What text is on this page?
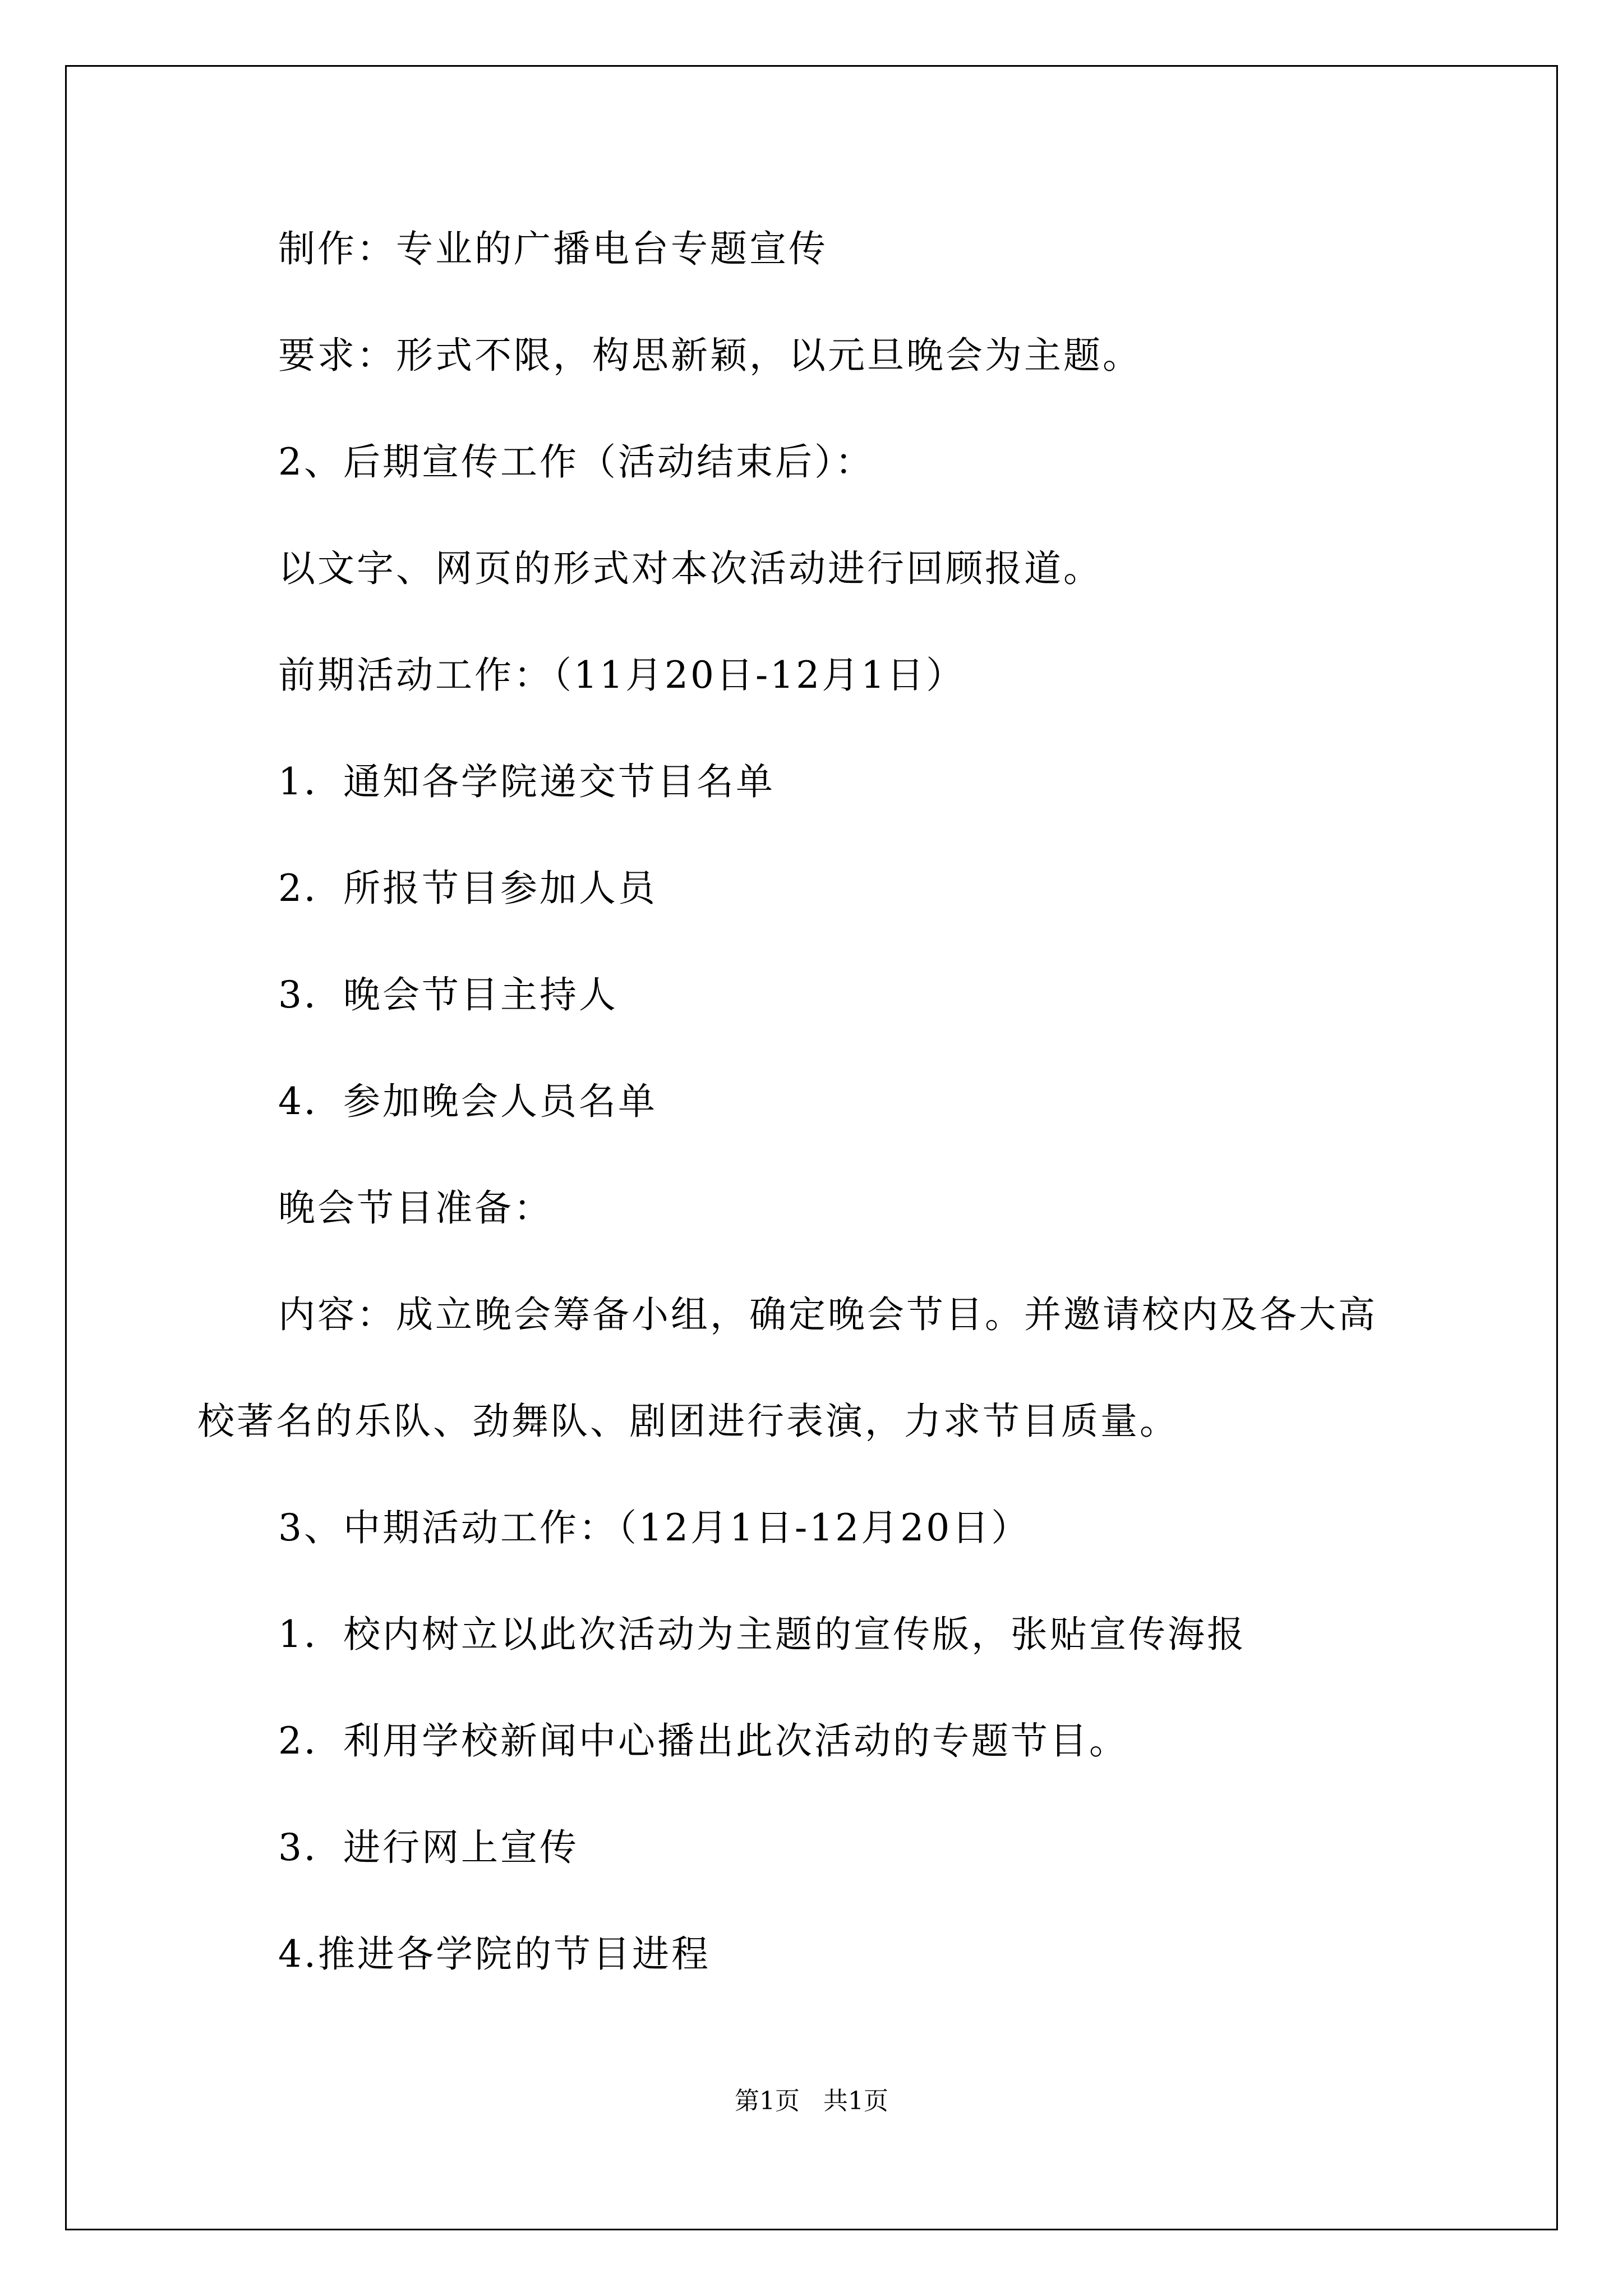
制作：专业的广播电台专题宣传
要求：形式不限，构思新颖，以元旦晚会为主题。
2、后期宣传工作（活动结束后）：
以文字、网页的形式对本次活动进行回顾报道。
前期活动工作：（11月20日-12月1日）
1．通知各学院递交节目名单
2．所报节目参加人员
3．晚会节目主持人
4．参加晚会人员名单
晚会节目准备：
内容：成立晚会筹备小组，确定晚会节目。并邀请校内及各大高
校著名的乐队、劲舞队、剧团进行表演，力求节目质量。
3、中期活动工作：（12月1日-12月20日）
1．校内树立以此次活动为主题的宣传版，张贴宣传海报
2．利用学校新闻中心播出此次活动的专题节目。
3．进行网上宣传
4.推进各学院的节目进程
第1页   共1页
